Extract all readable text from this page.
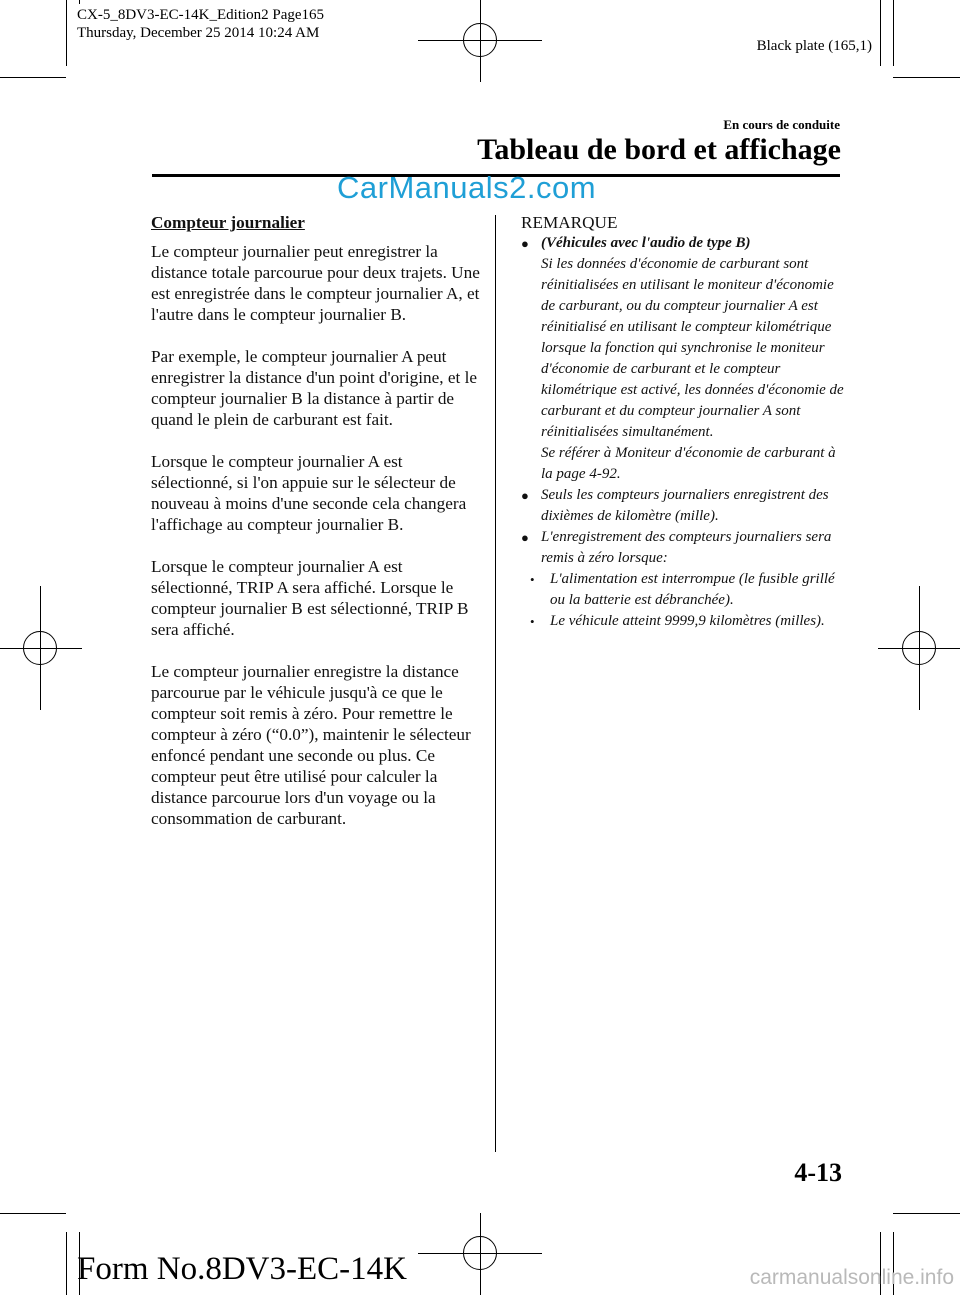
CX-5_8DV3-EC-14K_Edition2 Page165
Thursday, December 25 2014 10:24 AM
Black plate (165,1)
En cours de conduite
Tableau de bord et affichage
CarManuals2.com
Compteur journalier

Le compteur journalier peut enregistrer la distance totale parcourue pour deux trajets. Une est enregistrée dans le compteur journalier A, et l'autre dans le compteur journalier B.

Par exemple, le compteur journalier A peut enregistrer la distance d'un point d'origine, et le compteur journalier B la distance à partir de quand le plein de carburant est fait.

Lorsque le compteur journalier A est sélectionné, si l'on appuie sur le sélecteur de nouveau à moins d'une seconde cela changera l'affichage au compteur journalier B.

Lorsque le compteur journalier A est sélectionné, TRIP A sera affiché. Lorsque le compteur journalier B est sélectionné, TRIP B sera affiché.

Le compteur journalier enregistre la distance parcourue par le véhicule jusqu'à ce que le compteur soit remis à zéro. Pour remettre le compteur à zéro (“0.0”), maintenir le sélecteur enfoncé pendant une seconde ou plus. Ce compteur peut être utilisé pour calculer la distance parcourue lors d'un voyage ou la consommation de carburant.

REMARQUE
● (Véhicules avec l'audio de type B)
Si les données d'économie de carburant sont réinitialisées en utilisant le moniteur d'économie de carburant, ou du compteur journalier A est réinitialisé en utilisant le compteur kilométrique lorsque la fonction qui synchronise le moniteur d'économie de carburant et le compteur kilométrique est activé, les données d'économie de carburant et du compteur journalier A sont réinitialisées simultanément.
Se référer à Moniteur d'économie de carburant à la page 4-92.
● Seuls les compteurs journaliers enregistrent des dixièmes de kilomètre (mille).
● L'enregistrement des compteurs journaliers sera remis à zéro lorsque:
• L'alimentation est interrompue (le fusible grillé ou la batterie est débranchée).
• Le véhicule atteint 9999,9 kilomètres (milles).
4-13
Form No.8DV3-EC-14K	carmanualsonline.info
